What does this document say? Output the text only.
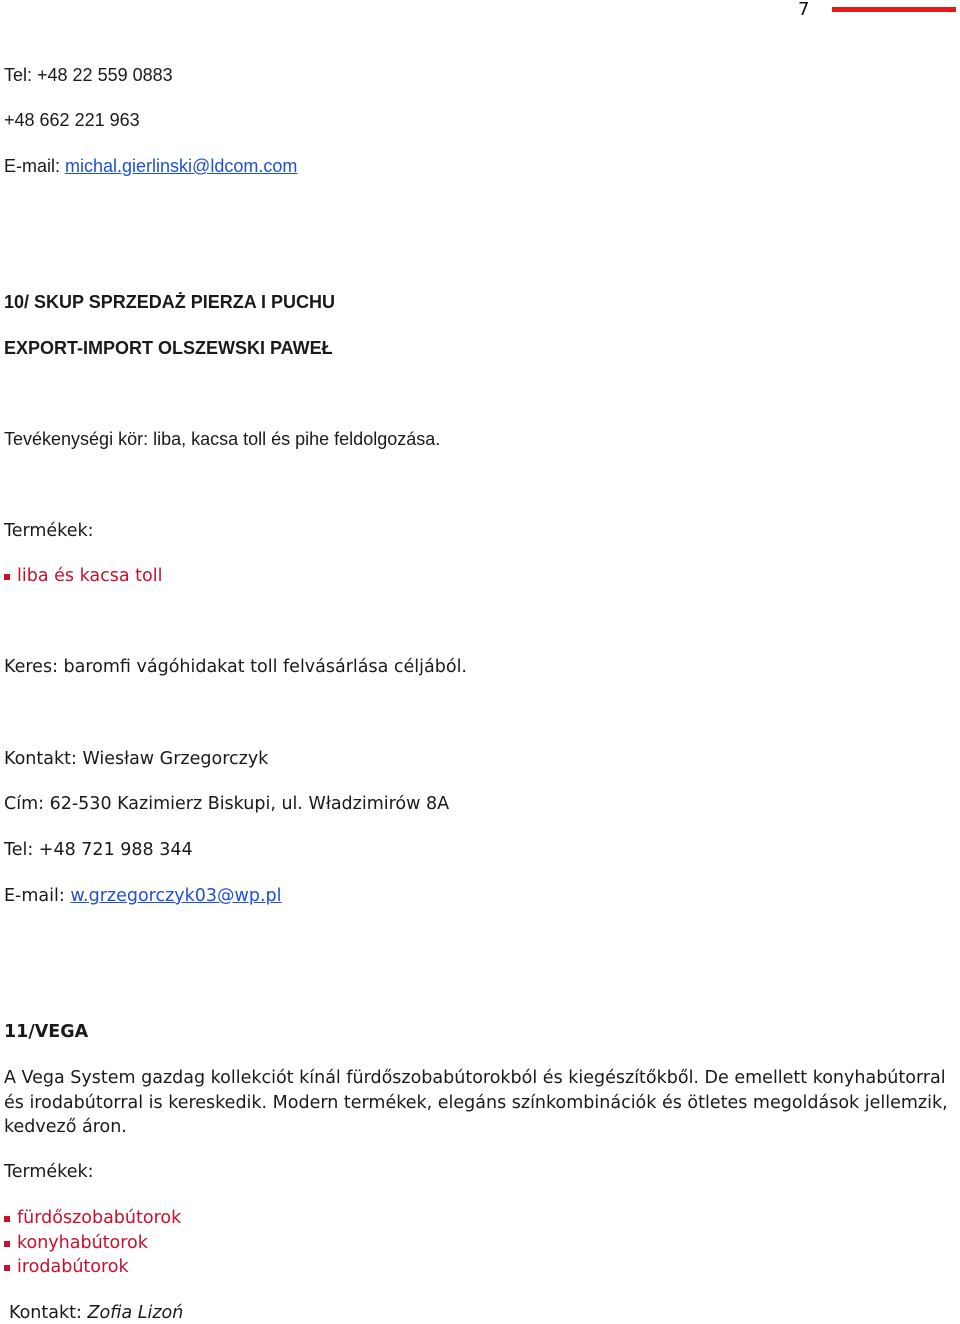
7
Tel: +48 22 559 0883
+48 662 221 963
E-mail: michal.gierlinski@ldcom.com
10/ SKUP SPRZEDAŻ PIERZA I PUCHU
EXPORT-IMPORT OLSZEWSKI PAWEŁ
Tevékenységi kör: liba, kacsa toll és pihe feldolgozása.
Termékek:
liba és kacsa toll
Keres: baromfi vágóhidakat toll felvásárlása céljából.
Kontakt: Wiesław Grzegorczyk
Cím: 62-530 Kazimierz Biskupi, ul. Władzimirów 8A
Tel: +48 721 988 344
E-mail: w.grzegorczyk03@wp.pl
11/VEGA
A Vega System gazdag kollekciót kínál fürdőszobabútorokból és kiegészítőkből. De emellett konyhabútorral és irodabútorral is kereskedik. Modern termékek, elegáns színkombinációk és ötletes megoldások jellemzik, kedvező áron.
Termékek:
fürdőszobabútorok
konyhabútorok
irodabútorok
Kontakt: Zofia Lizoń
